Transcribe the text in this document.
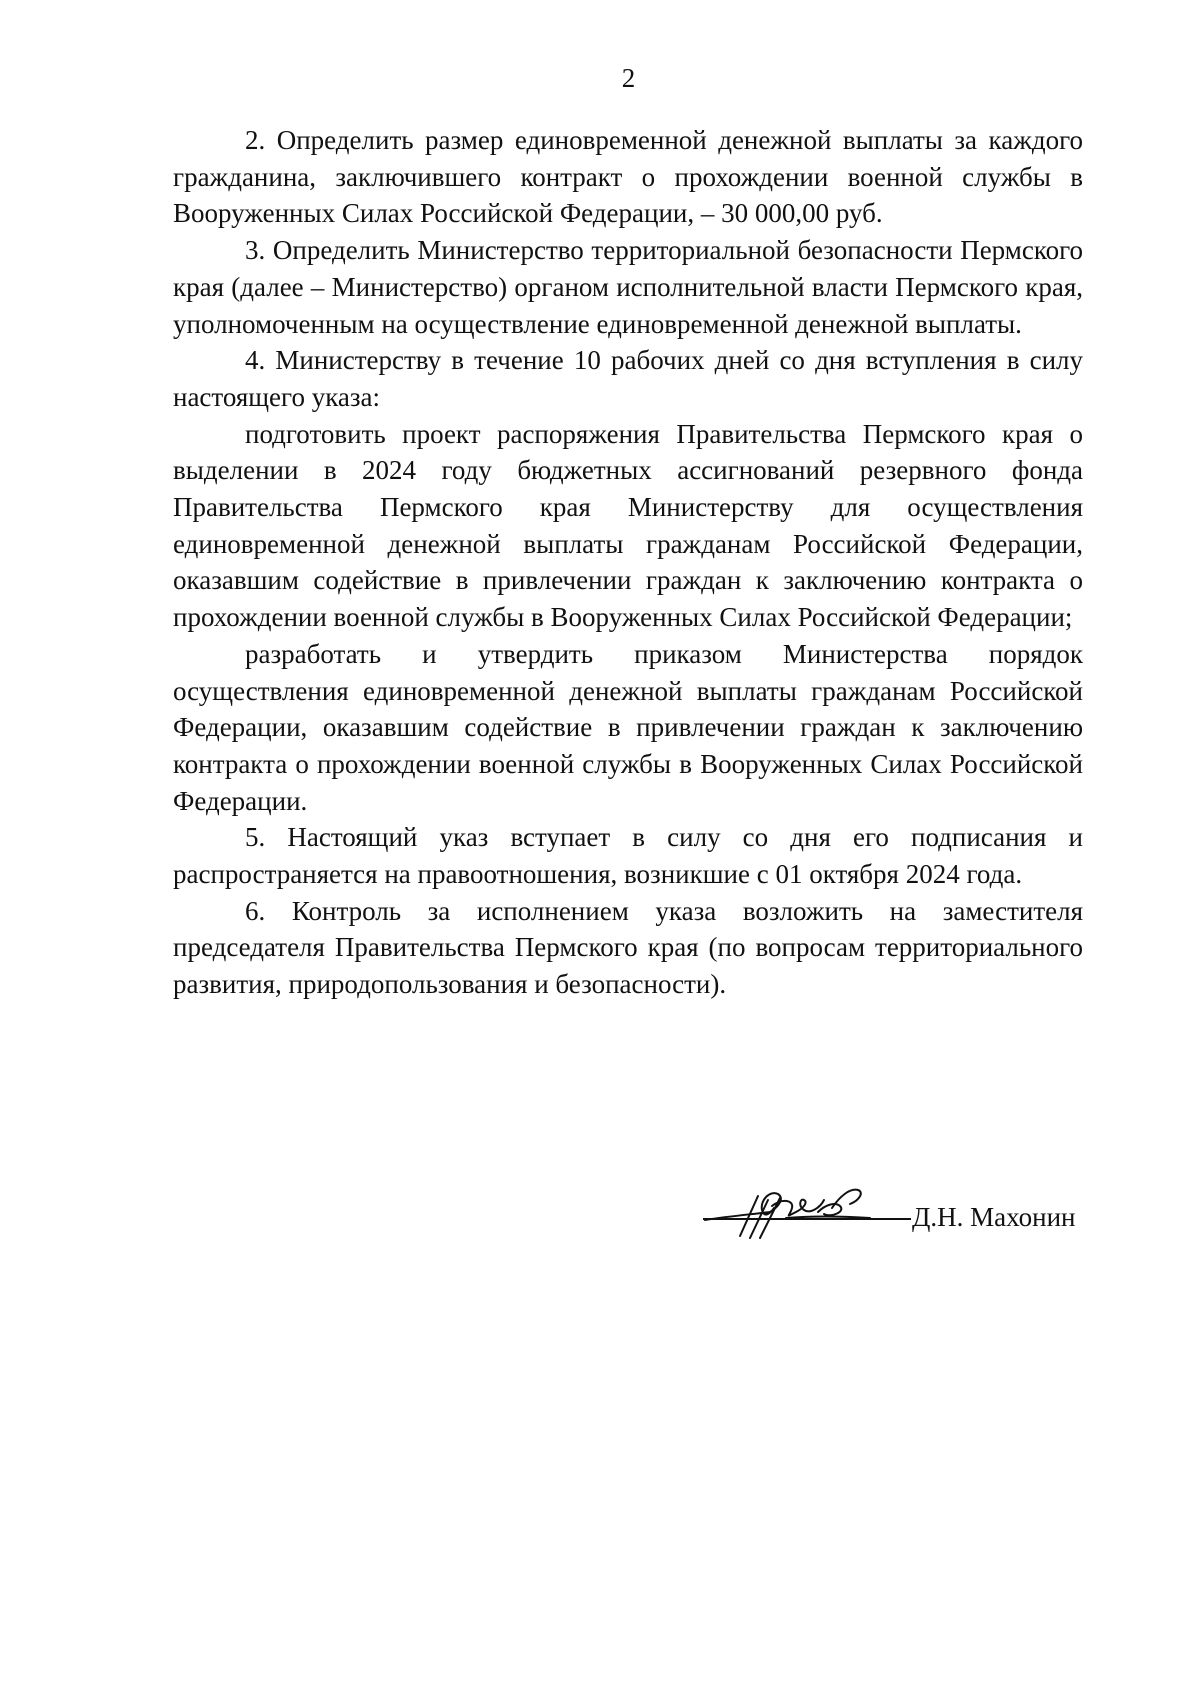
2

2. Определить размер единовременной денежной выплаты за каждого гражданина, заключившего контракт о прохождении военной службы в Вооруженных Силах Российской Федерации, – 30 000,00 руб.

3. Определить Министерство территориальной безопасности Пермского края (далее – Министерство) органом исполнительной власти Пермского края, уполномоченным на осуществление единовременной денежной выплаты.

4. Министерству в течение 10 рабочих дней со дня вступления в силу настоящего указа:

подготовить проект распоряжения Правительства Пермского края о выделении в 2024 году бюджетных ассигнований резервного фонда Правительства Пермского края Министерству для осуществления единовременной денежной выплаты гражданам Российской Федерации, оказавшим содействие в привлечении граждан к заключению контракта о прохождении военной службы в Вооруженных Силах Российской Федерации;

разработать и утвердить приказом Министерства порядок осуществления единовременной денежной выплаты гражданам Российской Федерации, оказавшим содействие в привлечении граждан к заключению контракта о прохождении военной службы в Вооруженных Силах Российской Федерации.

5. Настоящий указ вступает в силу со дня его подписания и распространяется на правоотношения, возникшие с 01 октября 2024 года.

6. Контроль за исполнением указа возложить на заместителя председателя Правительства Пермского края (по вопросам территориального развития, природопользования и безопасности).

Д.Н. Махонин
